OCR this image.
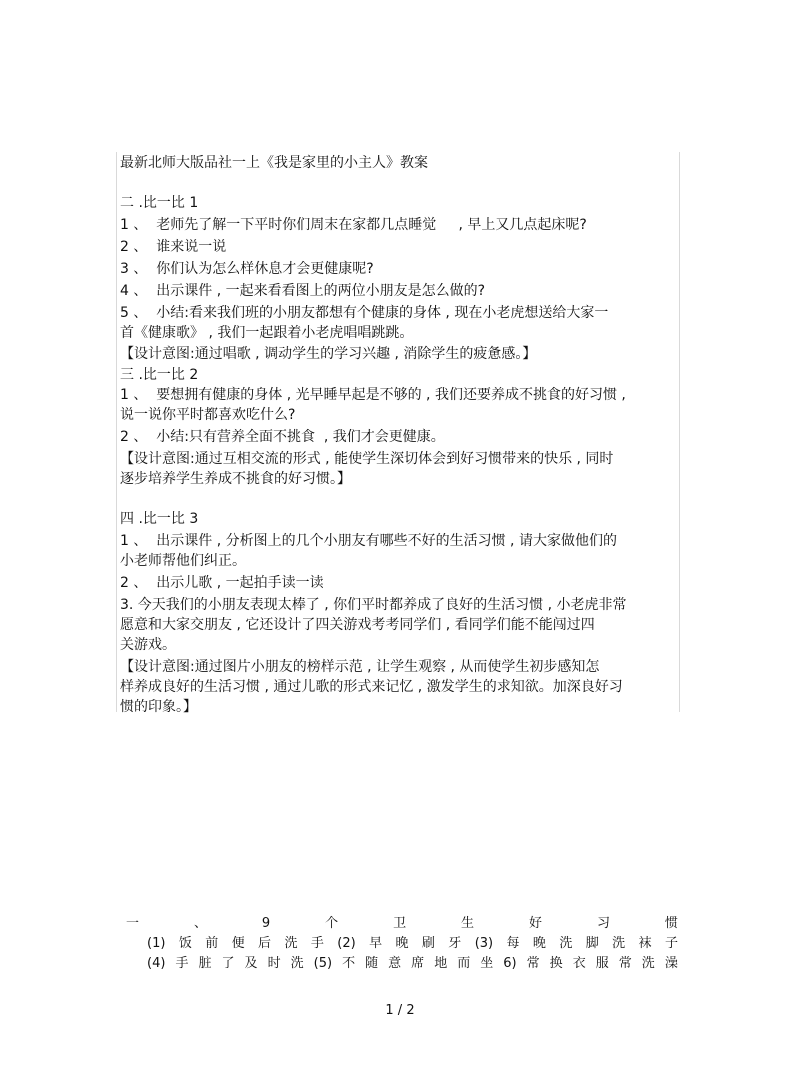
最新北师大版品社一上《我是家里的小主人》教案
二 .比一比 1
1 、  老师先了解一下平时你们周末在家都几点睡觉     , 早上又几点起床呢?
2 、  谁来说一说
3 、  你们认为怎么样休息才会更健康呢?
4 、  出示课件 , 一起来看看图上的两位小朋友是怎么做的?
5 、  小结:看来我们班的小朋友都想有个健康的身体 , 现在小老虎想送给大家一
首《健康歌》 , 我们一起跟着小老虎唱唱跳跳。
【设计意图:通过唱歌 , 调动学生的学习兴趣 , 消除学生的疲惫感。】
三 .比一比 2
1 、  要想拥有健康的身体 , 光早睡早起是不够的 , 我们还要养成不挑食的好习惯 ,
说一说你平时都喜欢吃什么?
2 、  小结:只有营养全面不挑食  , 我们才会更健康。
【设计意图:通过互相交流的形式 , 能使学生深切体会到好习惯带来的快乐 , 同时
逐步培养学生养成不挑食的好习惯。】
四 .比一比 3
1 、  出示课件 , 分析图上的几个小朋友有哪些不好的生活习惯 , 请大家做他们的
小老师帮他们纠正。
2 、  出示儿歌 , 一起拍手读一读
3. 今天我们的小朋友表现太棒了 , 你们平时都养成了良好的生活习惯 , 小老虎非常
愿意和大家交朋友 , 它还设计了四关游戏考考同学们 , 看同学们能不能闯过四
关游戏。
【设计意图:通过图片小朋友的榜样示范 , 让学生观察 , 从而使学生初步感知怎
样养成良好的生活习惯 , 通过儿歌的形式来记忆 , 激发学生的求知欲。加深良好习
惯的印象。】
一	、	9	个	卫	生	好	习	惯
(1) 饭 前 便 后 洗 手 (2) 早 晚 刷 牙 (3) 每 晚 洗 脚 洗 袜 子
(4) 手 脏 了 及 时 洗 (5) 不 随 意 席 地 而 坐 6) 常 换 衣 服 常 洗 澡
1 / 2
